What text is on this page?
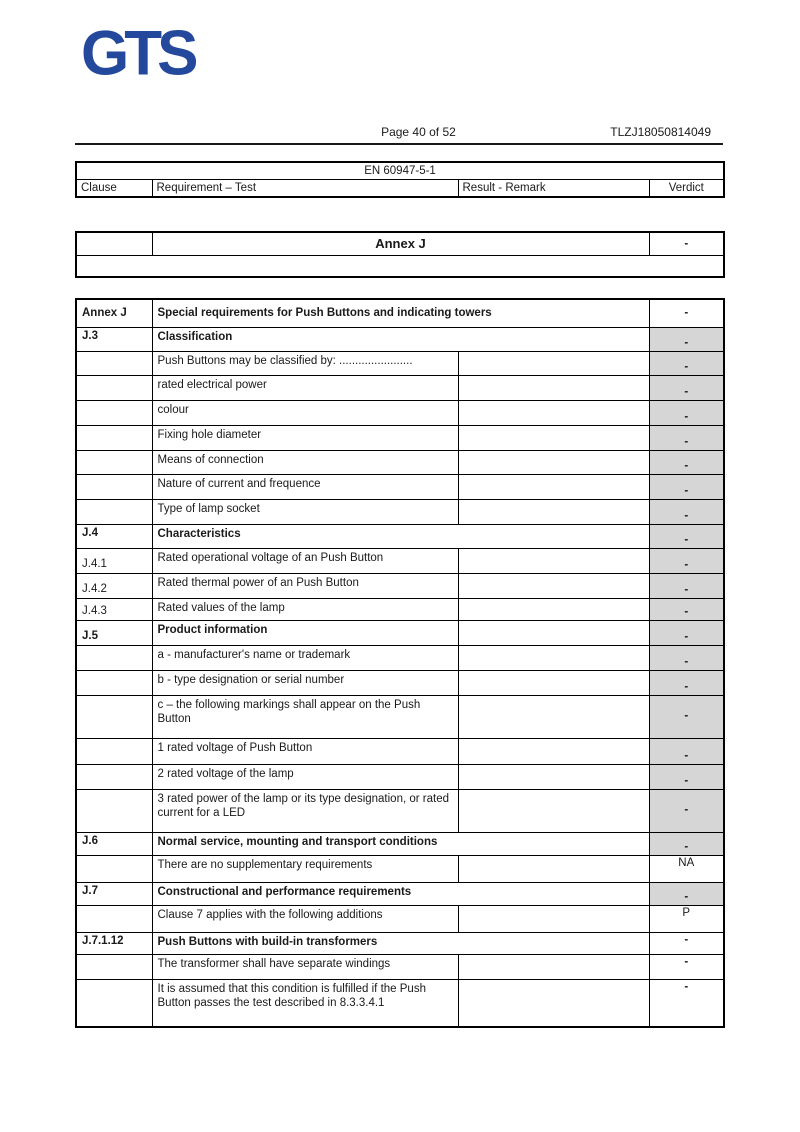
GTS
Page 40 of 52	TLZJ18050814049
EN 60947-5-1
Clause	Requirement – Test	Result - Remark	Verdict
	Annex J	-

Annex J	Special requirements for Push Buttons and indicating towers		-
J.3	Classification		-
	Push Buttons may be classified by: .......................		-
	rated electrical power		-
	colour		-
	Fixing hole diameter		-
	Means of connection		-
	Nature of current and frequence		-
	Type of lamp socket		-
J.4	Characteristics		-
J.4.1	Rated operational voltage of an Push Button		-
J.4.2	Rated thermal power of an Push Button		-
J.4.3	Rated values of the lamp		-
J.5	Product information		-
	a - manufacturer's name or trademark		-
	b - type designation or serial number		-
	c – the following markings shall appear on the Push Button		-
	1 rated voltage of Push Button		-
	2 rated voltage of the lamp		-
	3 rated power of the lamp or its type designation, or rated current for a LED		-
J.6	Normal service, mounting and transport conditions		-
	There are no supplementary requirements		NA
J.7	Constructional and performance requirements		-
	Clause 7 applies with the following additions		P
J.7.1.12	Push Buttons with build-in transformers		-
	The transformer shall have separate windings		-
	It is assumed that this condition is fulfilled if the Push Button passes the test described in 8.3.3.4.1		-
